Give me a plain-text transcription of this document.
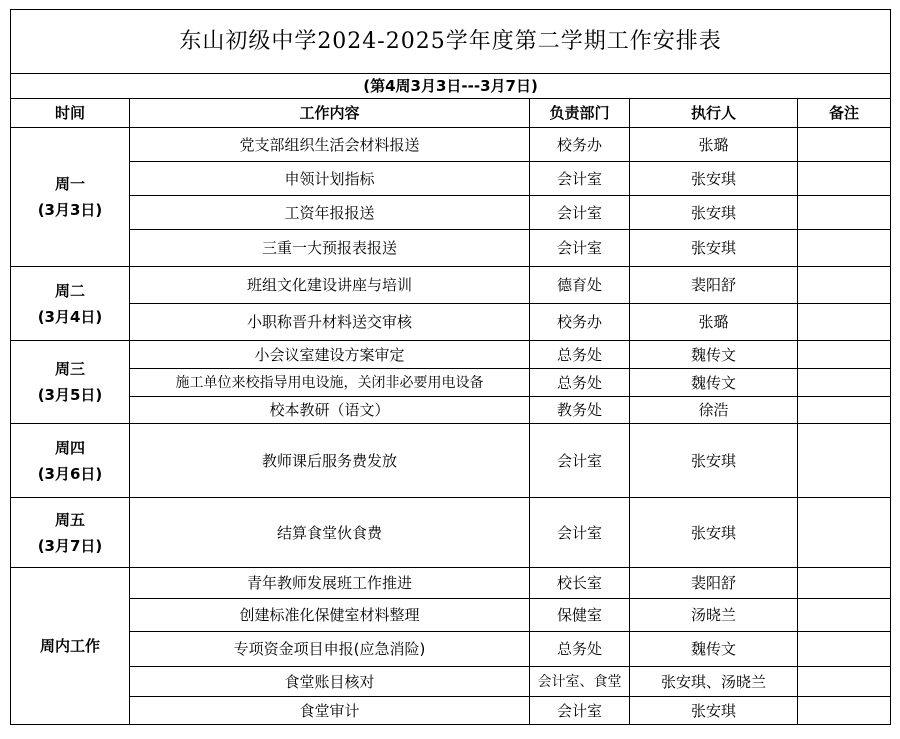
东山初级中学2024-2025学年度第二学期工作安排表				
(第4周3月3日---3月7日)				
时间	工作内容	负责部门	执行人	备注

周一
(3月3日)	党支部组织生活会材料报送	校务办	张璐	
	申领计划指标	会计室	张安琪	
	工资年报报送	会计室	张安琪	
	三重一大预报表报送	会计室	张安琪	

周二
(3月4日)	班组文化建设讲座与培训	德育处	裴阳舒	
	小职称晋升材料送交审核	校务办	张璐	

周三
(3月5日)	小会议室建设方案审定	总务处	魏传文	
	施工单位来校指导用电设施，关闭非必要用电设备	总务处	魏传文	
	校本教研（语文）	教务处	徐浩	

周四
(3月6日)	教师课后服务费发放	会计室	张安琪	

周五
(3月7日)	结算食堂伙食费	会计室	张安琪	

周内工作	青年教师发展班工作推进	校长室	裴阳舒	
	创建标准化保健室材料整理	保健室	汤晓兰	
	专项资金项目申报(应急消险)	总务处	魏传文	
	食堂账目核对	会计室、食堂	张安琪、汤晓兰	
	食堂审计	会计室	张安琪	
